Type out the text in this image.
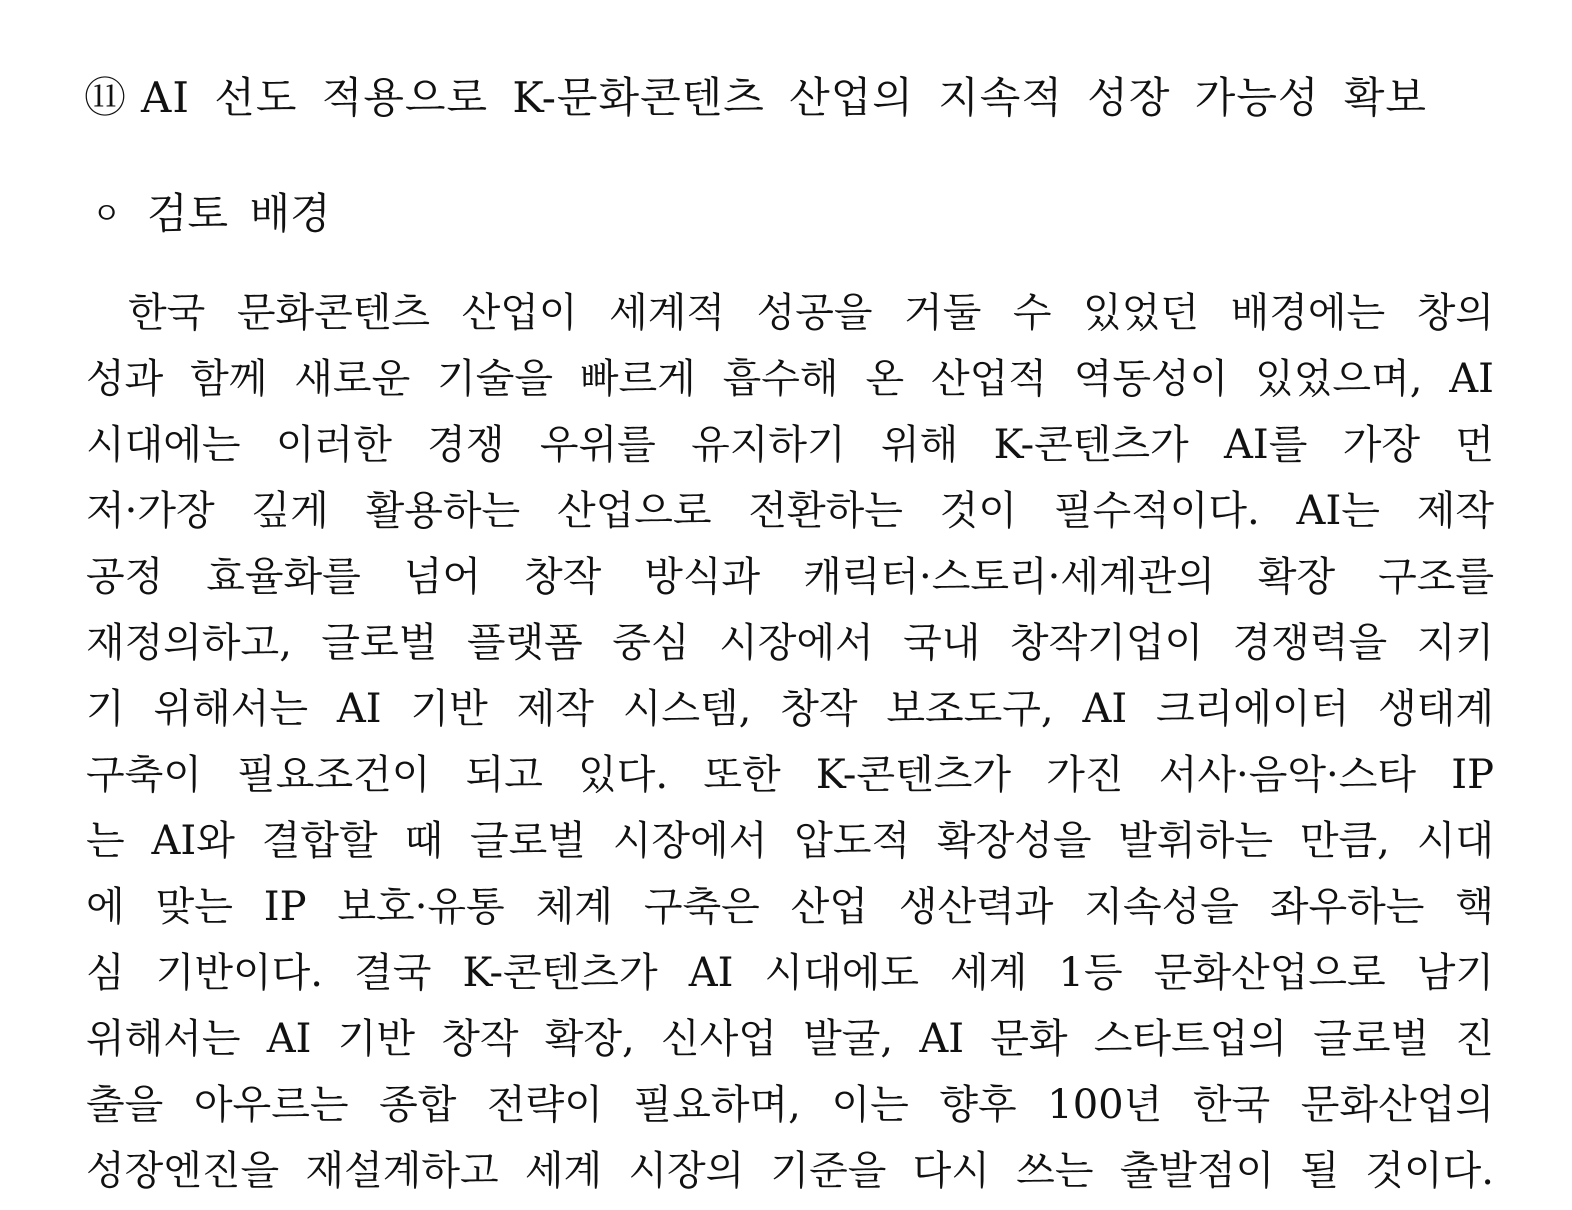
⑪ AI 선도 적용으로 K-문화콘텐츠 산업의 지속적 성장 가능성 확보
ㅇ 검토 배경
한국 문화콘텐츠 산업이 세계적 성공을 거둘 수 있었던 배경에는 창의
성과 함께 새로운 기술을 빠르게 흡수해 온 산업적 역동성이 있었으며, AI
시대에는 이러한 경쟁 우위를 유지하기 위해 K-콘텐츠가 AI를 가장 먼
저·가장 깊게 활용하는 산업으로 전환하는 것이 필수적이다. AI는 제작
공정 효율화를 넘어 창작 방식과 캐릭터·스토리·세계관의 확장 구조를
재정의하고, 글로벌 플랫폼 중심 시장에서 국내 창작기업이 경쟁력을 지키
기 위해서는 AI 기반 제작 시스템, 창작 보조도구, AI 크리에이터 생태계
구축이 필요조건이 되고 있다. 또한 K-콘텐츠가 가진 서사·음악·스타 IP
는 AI와 결합할 때 글로벌 시장에서 압도적 확장성을 발휘하는 만큼, 시대
에 맞는 IP 보호·유통 체계 구축은 산업 생산력과 지속성을 좌우하는 핵
심 기반이다. 결국 K-콘텐츠가 AI 시대에도 세계 1등 문화산업으로 남기
위해서는 AI 기반 창작 확장, 신사업 발굴, AI 문화 스타트업의 글로벌 진
출을 아우르는 종합 전략이 필요하며, 이는 향후 100년 한국 문화산업의
성장엔진을 재설계하고 세계 시장의 기준을 다시 쓰는 출발점이 될 것이다.
